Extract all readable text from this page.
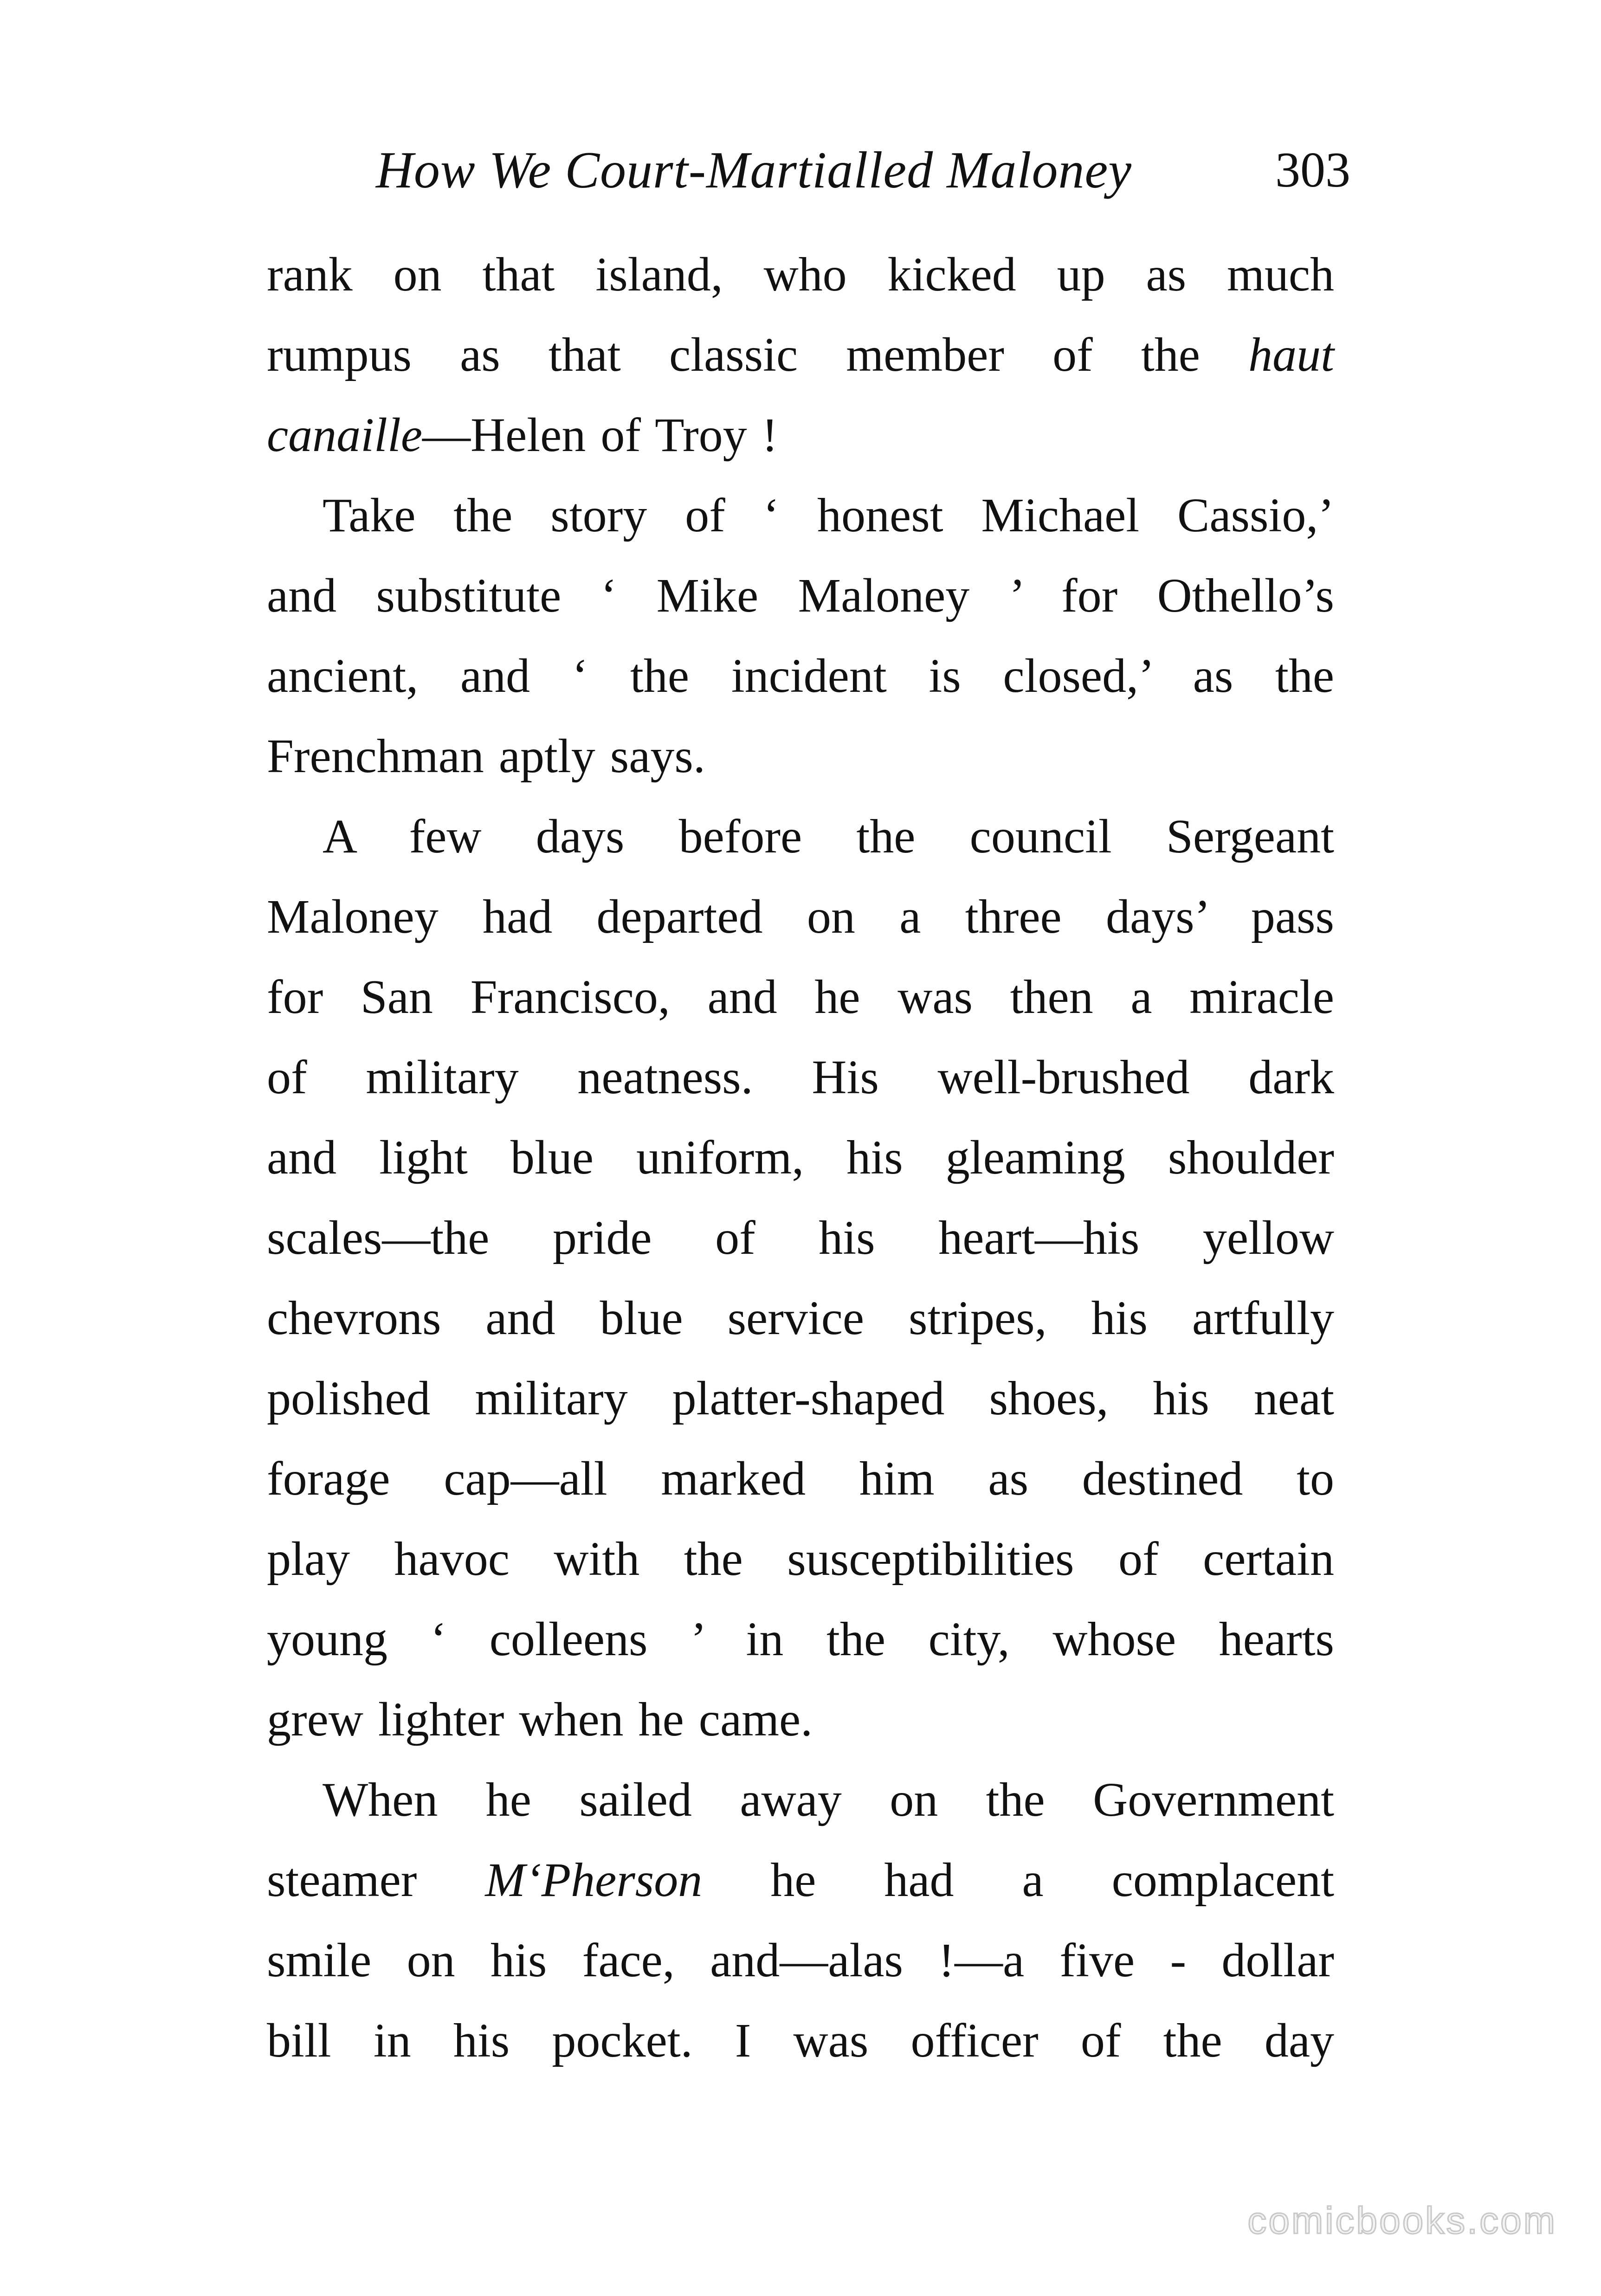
How We Court-Martialled Maloney	303
rank on that island, who kicked up as much
rumpus as that classic member of the haut
canaille—Helen of Troy !
Take the story of ‘ honest Michael Cassio,’
and substitute ‘ Mike Maloney ’ for Othello’s
ancient, and ‘ the incident is closed,’ as the
Frenchman aptly says.
A few days before the council Sergeant
Maloney had departed on a three days’ pass
for San Francisco, and he was then a miracle
of military neatness. His well-brushed dark
and light blue uniform, his gleaming shoulder
scales—the pride of his heart—his yellow
chevrons and blue service stripes, his artfully
polished military platter-shaped shoes, his neat
forage cap—all marked him as destined to
play havoc with the susceptibilities of certain
young ‘ colleens ’ in the city, whose hearts
grew lighter when he came.
When he sailed away on the Government
steamer M‘Pherson he had a complacent
smile on his face, and—alas !—a five - dollar
bill in his pocket. I was officer of the day
comicbooks.com
